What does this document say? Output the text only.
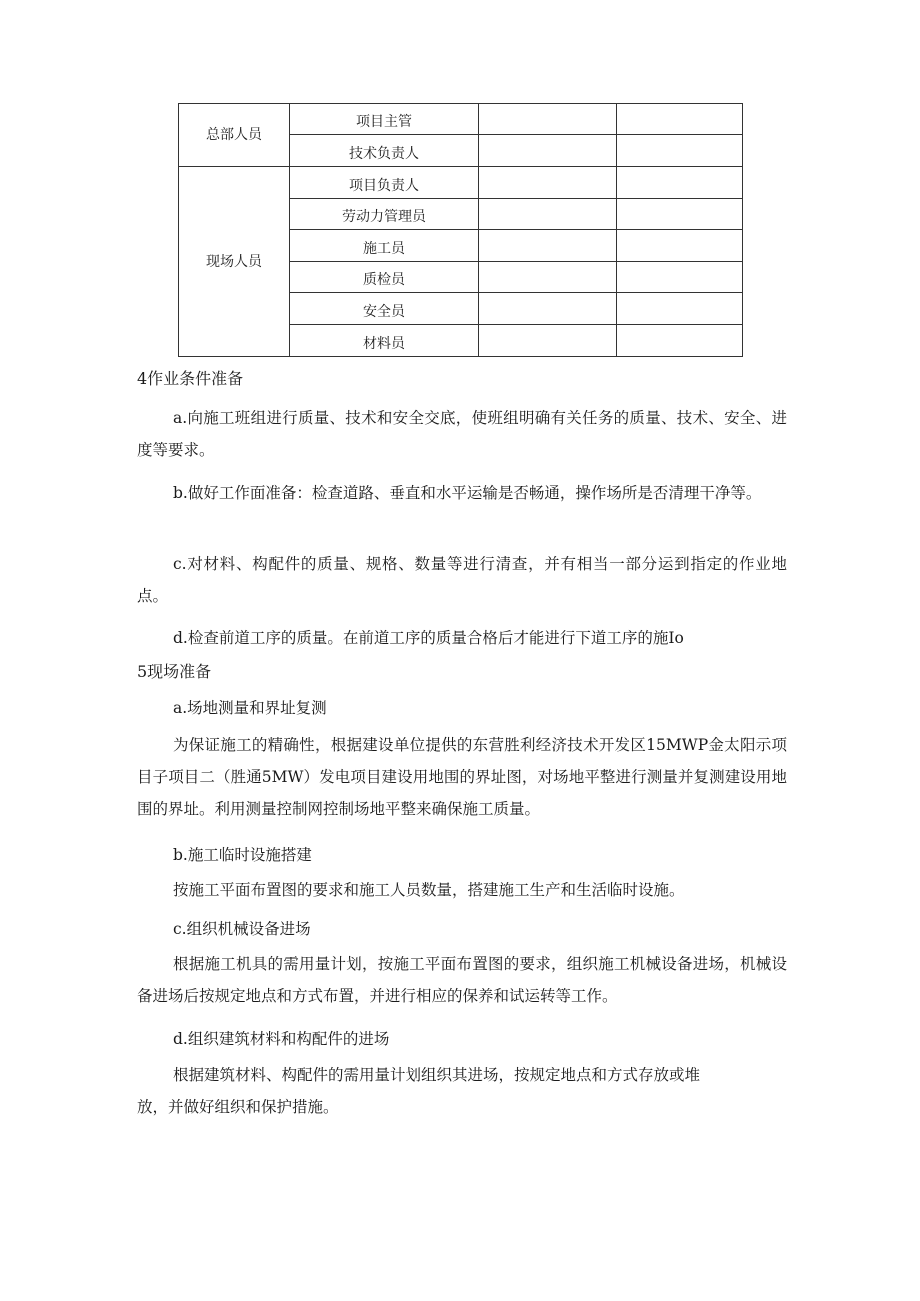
总部人员	项目主管		
	技术负责人		
现场人员	项目负责人		
	劳动力管理员		
	施工员		
	质检员		
	安全员		
	材料员		
4作业条件准备

a.向施工班组进行质量、技术和安全交底，使班组明确有关任务的质量、技术、安全、进度等要求。

b.做好工作面准备：检查道路、垂直和水平运输是否畅通，操作场所是否清理干净等。

c.对材料、构配件的质量、规格、数量等进行清查，并有相当一部分运到指定的作业地点。

d.检查前道工序的质量。在前道工序的质量合格后才能进行下道工序的施Io

5现场准备
a.场地测量和界址复测

为保证施工的精确性，根据建设单位提供的东营胜利经济技术开发区15MWP金太阳示项目子项目二（胜通5MW）发电项目建设用地围的界址图，对场地平整进行测量并复测建设用地围的界址。利用测量控制网控制场地平整来确保施工质量。

b.施工临时设施搭建

按施工平面布置图的要求和施工人员数量，搭建施工生产和生活临时设施。

c.组织机械设备进场

根据施工机具的需用量计划，按施工平面布置图的要求，组织施工机械设备进场，机械设备进场后按规定地点和方式布置，并进行相应的保养和试运转等工作。

d.组织建筑材料和构配件的进场
根据建筑材料、构配件的需用量计划组织其进场，按规定地点和方式存放或堆
放，并做好组织和保护措施。
